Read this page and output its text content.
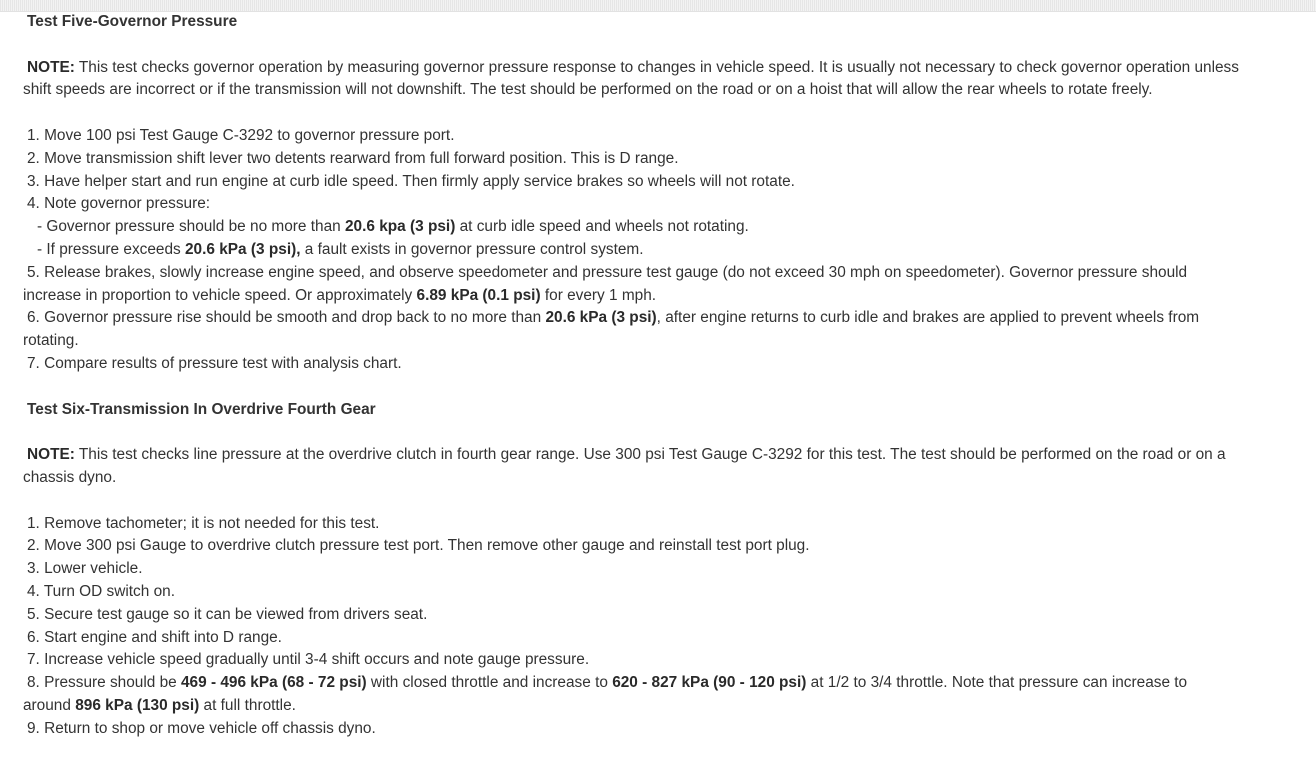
Test Five-Governor Pressure

NOTE: This test checks governor operation by measuring governor pressure response to changes in vehicle speed. It is usually not necessary to check governor operation unless shift speeds are incorrect or if the transmission will not downshift. The test should be performed on the road or on a hoist that will allow the rear wheels to rotate freely.

1. Move 100 psi Test Gauge C-3292 to governor pressure port.

2. Move transmission shift lever two detents rearward from full forward position. This is D range.

3. Have helper start and run engine at curb idle speed. Then firmly apply service brakes so wheels will not rotate.

4. Note governor pressure:

- Governor pressure should be no more than 20.6 kpa (3 psi) at curb idle speed and wheels not rotating.

- If pressure exceeds 20.6 kPa (3 psi), a fault exists in governor pressure control system.

5. Release brakes, slowly increase engine speed, and observe speedometer and pressure test gauge (do not exceed 30 mph on speedometer). Governor pressure should increase in proportion to vehicle speed. Or approximately 6.89 kPa (0.1 psi) for every 1 mph.

6. Governor pressure rise should be smooth and drop back to no more than 20.6 kPa (3 psi), after engine returns to curb idle and brakes are applied to prevent wheels from rotating.

7. Compare results of pressure test with analysis chart.

Test Six-Transmission In Overdrive Fourth Gear

NOTE: This test checks line pressure at the overdrive clutch in fourth gear range. Use 300 psi Test Gauge C-3292 for this test. The test should be performed on the road or on a chassis dyno.

1. Remove tachometer; it is not needed for this test.

2. Move 300 psi Gauge to overdrive clutch pressure test port. Then remove other gauge and reinstall test port plug.

3. Lower vehicle.

4. Turn OD switch on.

5. Secure test gauge so it can be viewed from drivers seat.

6. Start engine and shift into D range.

7. Increase vehicle speed gradually until 3-4 shift occurs and note gauge pressure.

8. Pressure should be 469 - 496 kPa (68 - 72 psi) with closed throttle and increase to 620 - 827 kPa (90 - 120 psi) at 1/2 to 3/4 throttle. Note that pressure can increase to around 896 kPa (130 psi) at full throttle.

9. Return to shop or move vehicle off chassis dyno.
